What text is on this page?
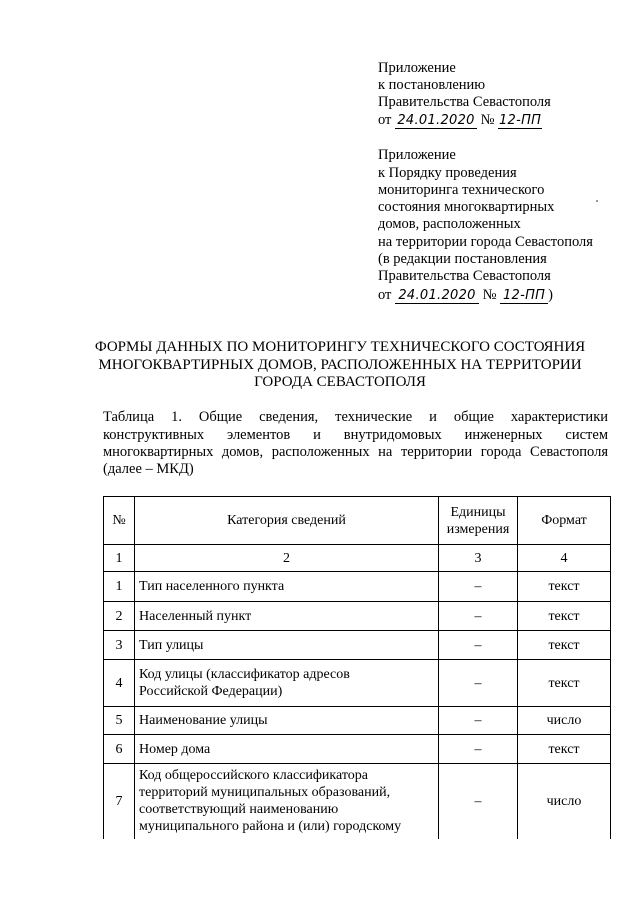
Приложение
к постановлению
Правительства Севастополя
от 24.01.2020 № 12-ПП
Приложение
к Порядку проведения
мониторинга технического
состояния многоквартирных
домов, расположенных
на территории города Севастополя
(в редакции постановления
Правительства Севастополя
от 24.01.2020 № 12-ПП )
ФОРМЫ ДАННЫХ ПО МОНИТОРИНГУ ТЕХНИЧЕСКОГО СОСТОЯНИЯ
МНОГОКВАРТИРНЫХ ДОМОВ, РАСПОЛОЖЕННЫХ НА ТЕРРИТОРИИ
ГОРОДА СЕВАСТОПОЛЯ
Таблица 1. Общие сведения, технические и общие характеристики
конструктивных элементов и внутридомовых инженерных систем
многоквартирных домов, расположенных на территории города Севастополя
(далее – МКД)
№	Категория сведений	Единицы
измерения	Формат
1	2	3	4
1	Тип населенного пункта	–	текст
2	Населенный пункт	–	текст
3	Тип улицы	–	текст
4	Код улицы (классификатор адресов
Российской Федерации)	–	текст
5	Наименование улицы	–	число
6	Номер дома	–	текст
7	Код общероссийского классификатора
территорий муниципальных образований,
соответствующий наименованию
муниципального района и (или) городскому	–	число
